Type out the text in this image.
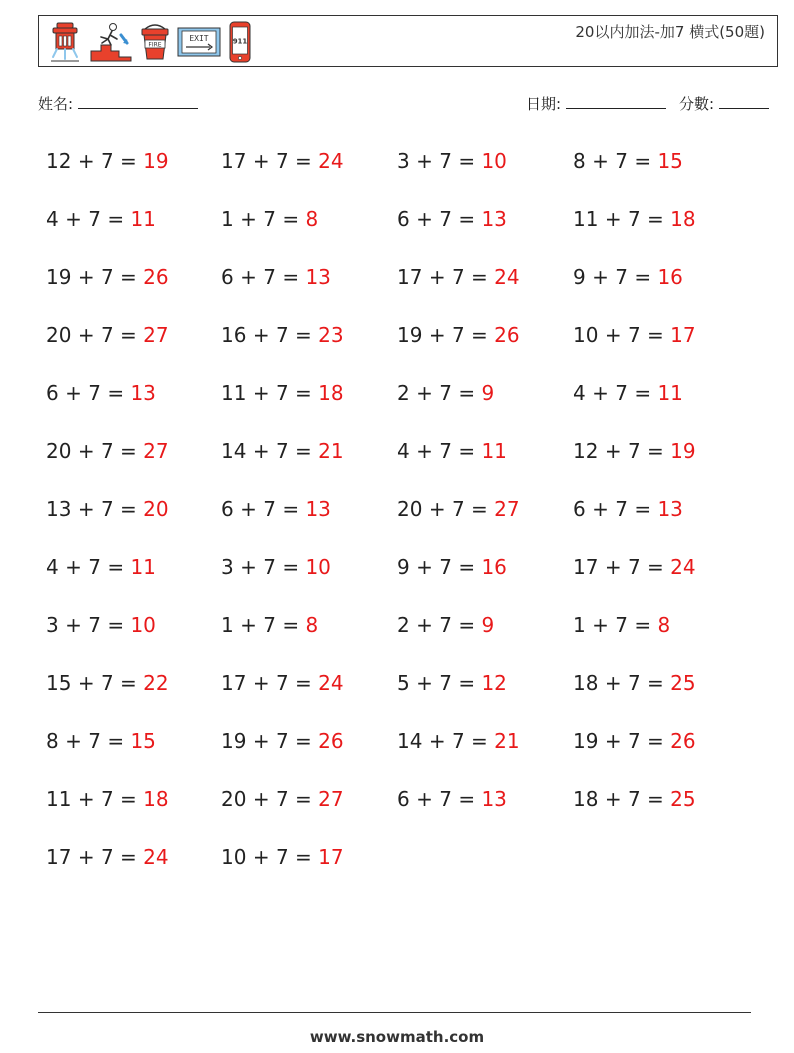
FIRE
EXIT	911
20以内加法-加7 横式(50題)
姓名:	日期:	分數:
12 + 7 = 19	17 + 7 = 24	3 + 7 = 10	8 + 7 = 15
4 + 7 = 11	1 + 7 = 8	6 + 7 = 13	11 + 7 = 18
19 + 7 = 26	6 + 7 = 13	17 + 7 = 24	9 + 7 = 16
20 + 7 = 27	16 + 7 = 23	19 + 7 = 26	10 + 7 = 17
6 + 7 = 13	11 + 7 = 18	2 + 7 = 9	4 + 7 = 11
20 + 7 = 27	14 + 7 = 21	4 + 7 = 11	12 + 7 = 19
13 + 7 = 20	6 + 7 = 13	20 + 7 = 27	6 + 7 = 13
4 + 7 = 11	3 + 7 = 10	9 + 7 = 16	17 + 7 = 24
3 + 7 = 10	1 + 7 = 8	2 + 7 = 9	1 + 7 = 8
15 + 7 = 22	17 + 7 = 24	5 + 7 = 12	18 + 7 = 25
8 + 7 = 15	19 + 7 = 26	14 + 7 = 21	19 + 7 = 26
11 + 7 = 18	20 + 7 = 27	6 + 7 = 13	18 + 7 = 25
17 + 7 = 24	10 + 7 = 17
www.snowmath.com
